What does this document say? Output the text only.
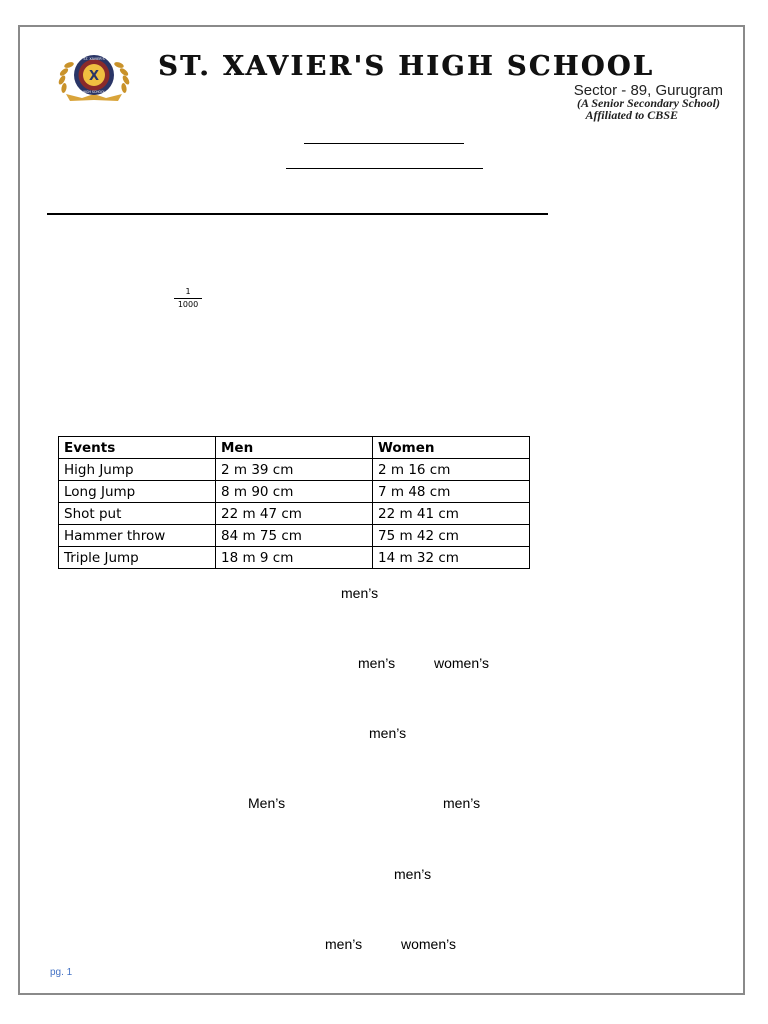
X
ST. XAVIER'S
HIGH SCHOOL
ST. XAVIER'S HIGH SCHOOL
Sector - 89, Gurugram
(A Senior Secondary School)
Affiliated to CBSE
$\frac{1}{1000}$
Events	Men	Women
High Jump	2 m 39 cm	2 m 16 cm
Long Jump	8 m 90 cm	7 m 48 cm
Shot put	22 m 47 cm	22 m 41 cm
Hammer throw	84 m 75 cm	75 m 42 cm
Triple Jump	18 m 9 cm	14 m 32 cm
men’s
men’s	women’s
men’s
Men’s	men’s
men’s
men’s	women’s
pg. 1
